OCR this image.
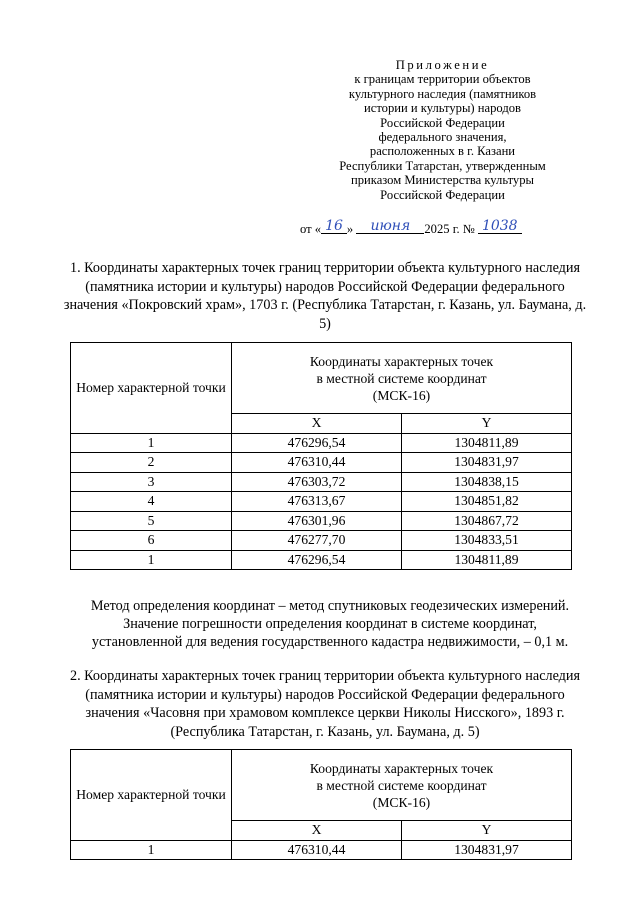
Приложение
к границам территории объектов
культурного наследия (памятников
истории и культуры) народов
Российской Федерации
федерального значения,
расположенных в г. Казани
Республики Татарстан, утвержденным
приказом Министерства культуры
Российской Федерации
от « 16 » июня 2025 г. № 1038
1. Координаты характерных точек границ территории объекта культурного наследия (памятника истории и культуры) народов Российской Федерации федерального значения «Покровский храм», 1703 г. (Республика Татарстан, г. Казань, ул. Баумана, д. 5)
Номер характерной точки	Координаты характерных точек
в местной системе координат
(МСК-16)	

	X	Y
1	476296,54	1304811,89
2	476310,44	1304831,97
3	476303,72	1304838,15
4	476313,67	1304851,82
5	476301,96	1304867,72
6	476277,70	1304833,51
1	476296,54	1304811,89
Метод определения координат – метод спутниковых геодезических измерений.
Значение погрешности определения координат в системе координат,
установленной для ведения государственного кадастра недвижимости, – 0,1 м.
2. Координаты характерных точек границ территории объекта культурного наследия (памятника истории и культуры) народов Российской Федерации федерального значения «Часовня при храмовом комплексе церкви Николы Нисского», 1893 г. (Республика Татарстан, г. Казань, ул. Баумана, д. 5)
Номер характерной точки	Координаты характерных точек
в местной системе координат
(МСК-16)	

	X	Y
1	476310,44	1304831,97
